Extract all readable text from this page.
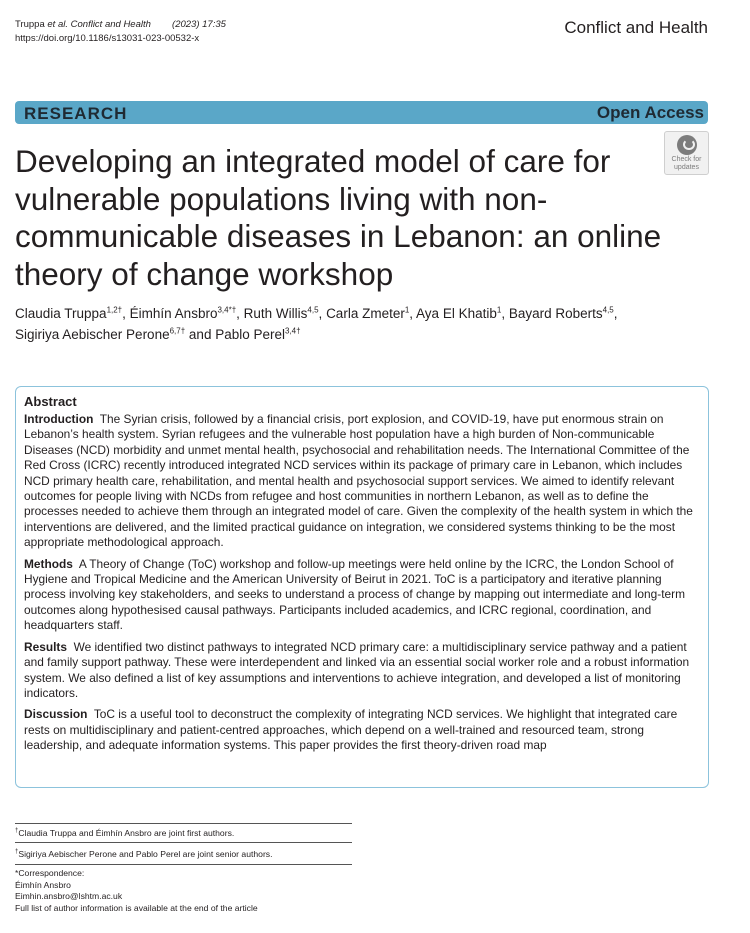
Truppa et al. Conflict and Health (2023) 17:35
https://doi.org/10.1186/s13031-023-00532-x
Conflict and Health
RESEARCH	Open Access
Developing an integrated model of care for vulnerable populations living with non-communicable diseases in Lebanon: an online theory of change workshop
Check for
updates
Claudia Truppa$^{1,2\dagger}$, Éimhín Ansbro$^{3,4*\dagger}$, Ruth Willis$^{4,5}$, Carla Zmeter$^1$, Aya El Khatib$^1$, Bayard Roberts$^{4,5}$,
Sigiriya Aebischer Perone$^{6,7\dagger}$ and Pablo Perel$^{3,4\dagger}$
Abstract

Introduction The Syrian crisis, followed by a financial crisis, port explosion, and COVID-19, have put enormous strain on Lebanon’s health system. Syrian refugees and the vulnerable host population have a high burden of Non-communicable Diseases (NCD) morbidity and unmet mental health, psychosocial and rehabilitation needs. The International Committee of the Red Cross (ICRC) recently introduced integrated NCD services within its package of primary care in Lebanon, which includes NCD primary health care, rehabilitation, and mental health and psychosocial support services. We aimed to identify relevant outcomes for people living with NCDs from refugee and host communities in northern Lebanon, as well as to define the processes needed to achieve them through an integrated model of care. Given the complexity of the health system in which the interventions are delivered, and the limited practical guidance on integration, we considered systems thinking to be the most appropriate methodological approach.

Methods A Theory of Change (ToC) workshop and follow-up meetings were held online by the ICRC, the London School of Hygiene and Tropical Medicine and the American University of Beirut in 2021. ToC is a participatory and iterative planning process involving key stakeholders, and seeks to understand a process of change by mapping out intermediate and long-term outcomes along hypothesised causal pathways. Participants included academics, and ICRC regional, coordination, and headquarters staff.

Results We identified two distinct pathways to integrated NCD primary care: a multidisciplinary service pathway and a patient and family support pathway. These were interdependent and linked via an essential social worker role and a robust information system. We also defined a list of key assumptions and interventions to achieve integration, and developed a list of monitoring indicators.

Discussion ToC is a useful tool to deconstruct the complexity of integrating NCD services. We highlight that integrated care rests on multidisciplinary and patient-centred approaches, which depend on a well-trained and resourced team, strong leadership, and adequate information systems. This paper provides the first theory-driven road map

†Claudia Truppa and Éimhín Ansbro are joint first authors.
†Sigiriya Aebischer Perone and Pablo Perel are joint senior authors.
*Correspondence:
Éimhín Ansbro
Eimhin.ansbro@lshtm.ac.uk
Full list of author information is available at the end of the article
